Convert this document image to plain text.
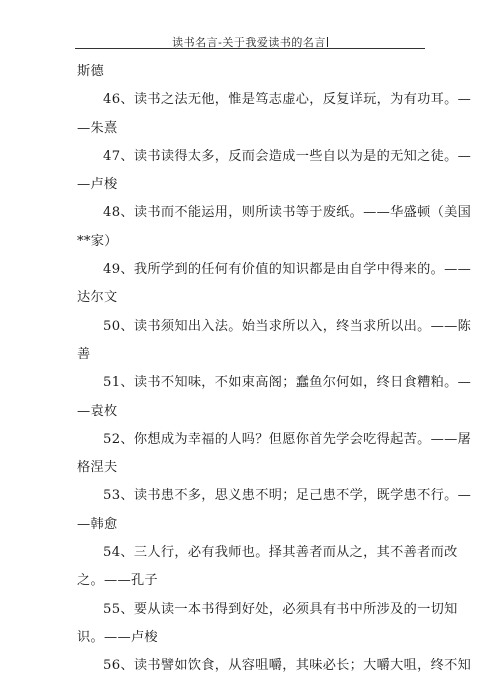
读书名言-关于我爱读书的名言
斯德
46、读书之法无他，惟是笃志虚心，反复详玩，为有功耳。—
—朱熹
47、读书读得太多，反而会造成一些自以为是的无知之徒。—
—卢梭
48、读书而不能运用，则所读书等于废纸。——华盛顿（美国
**家）
49、我所学到的任何有价值的知识都是由自学中得来的。——
达尔文
50、读书须知出入法。始当求所以入，终当求所以出。——陈
善
51、读书不知味，不如束高阁；蠢鱼尔何如，终日食糟粕。—
—袁枚
52、你想成为幸福的人吗？但愿你首先学会吃得起苦。——屠
格涅夫
53、读书患不多，思义患不明；足己患不学，既学患不行。—
—韩愈
54、三人行，必有我师也。择其善者而从之，其不善者而改
之。——孔子
55、要从读一本书得到好处，必须具有书中所涉及的一切知
识。——卢梭
56、读书譬如饮食，从容咀嚼，其味必长；大嚼大咀，终不知
